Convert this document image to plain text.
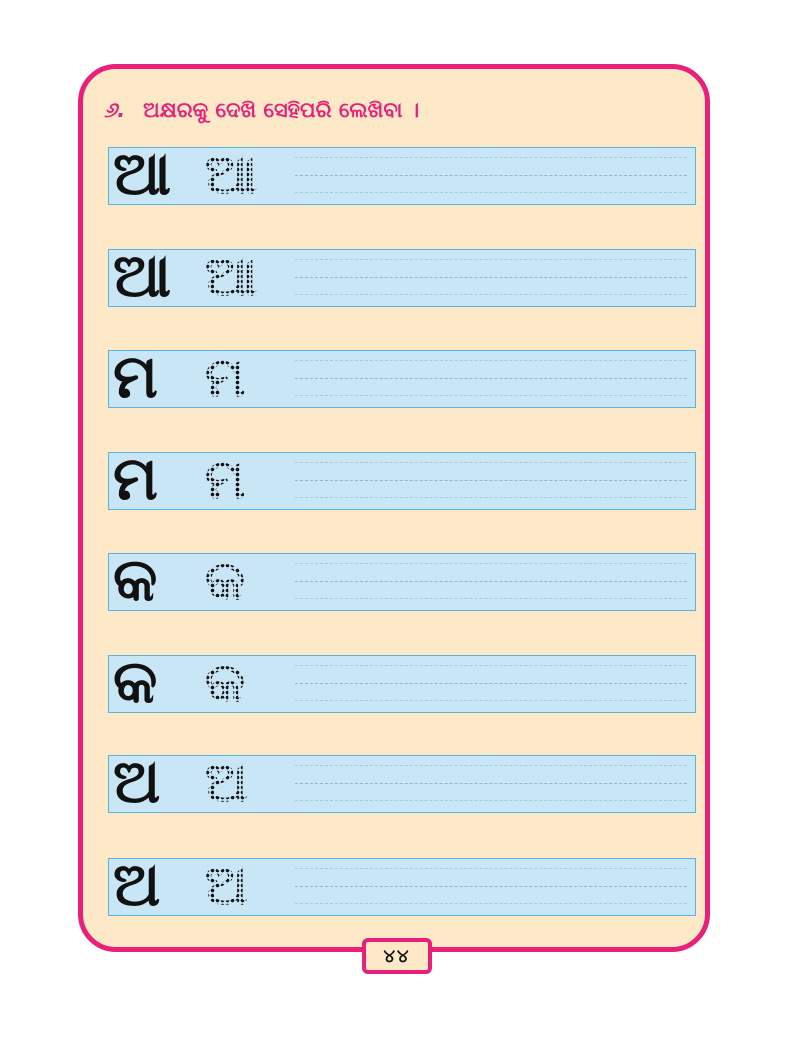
୬. ଅକ୍ଷରକୁ ଦେଖି ସେହିପରି ଲେଖିବା ।
ଆ ଆ
ଆ ଆ
ମ ମ
ମ ମ
କ କ
କ କ
ଅ ଅ
ଅ ଅ
୪୪
